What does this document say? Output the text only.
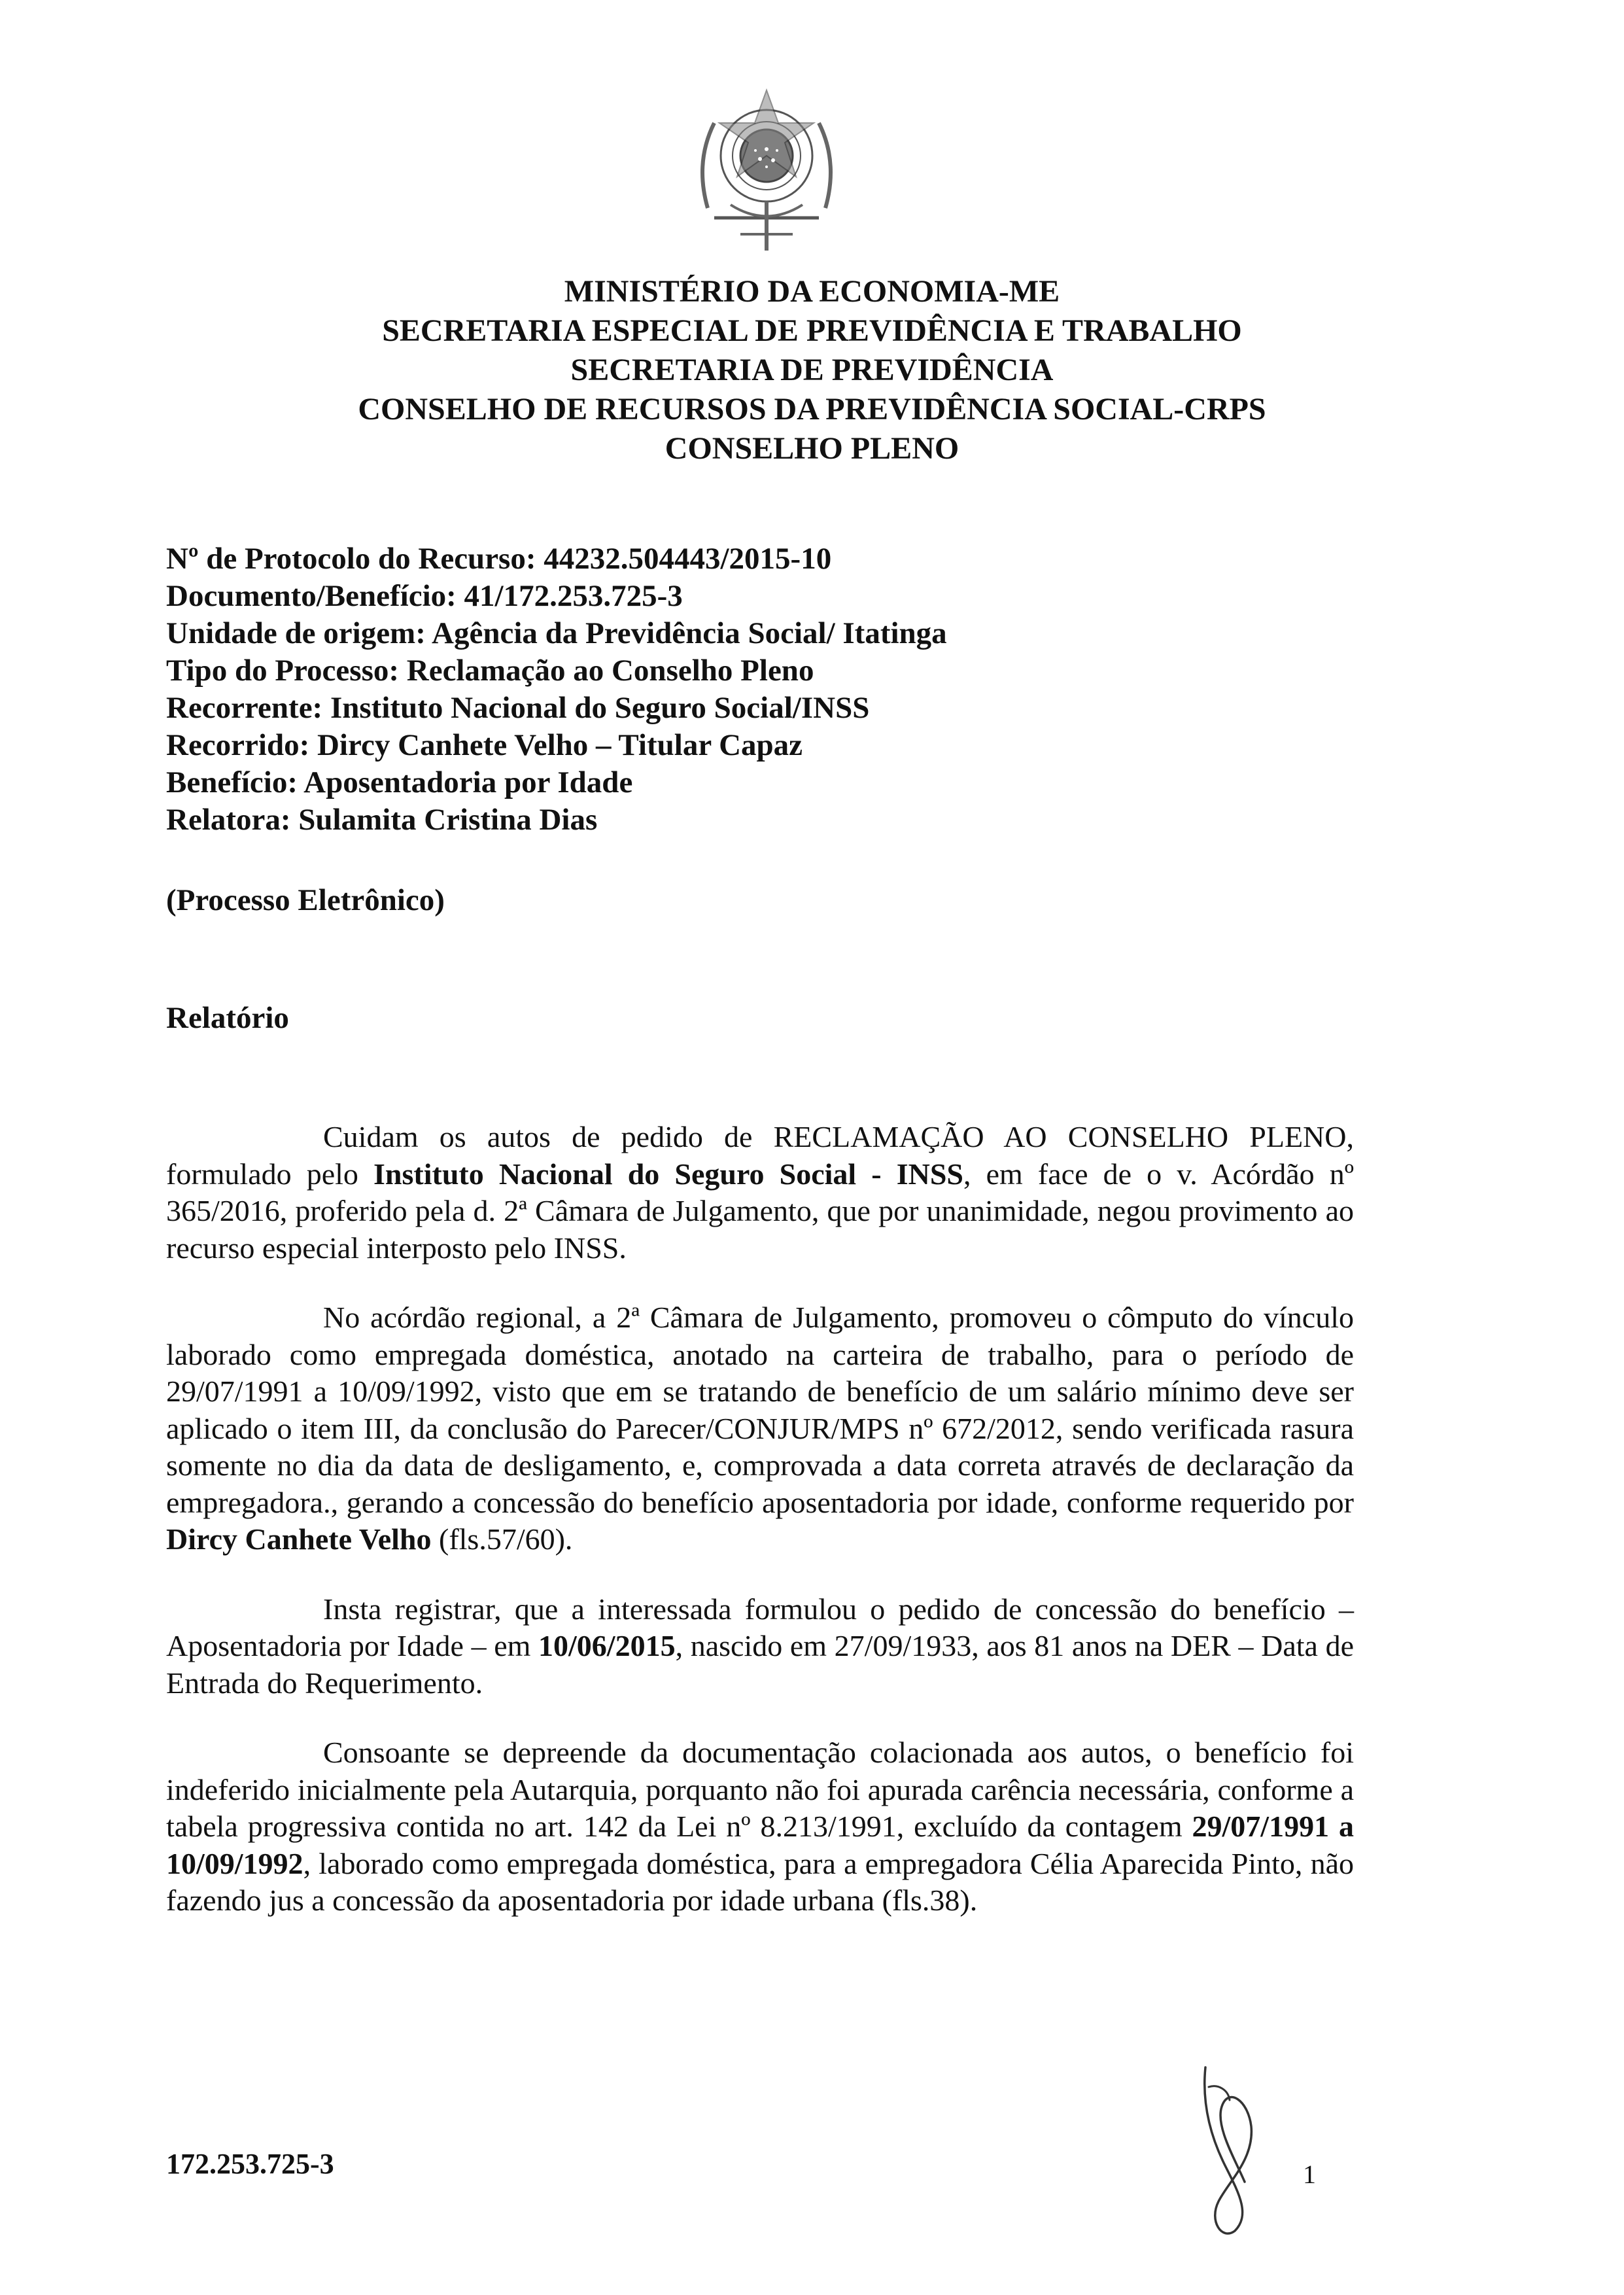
MINISTÉRIO DA ECONOMIA-ME
SECRETARIA ESPECIAL DE PREVIDÊNCIA E TRABALHO
SECRETARIA DE PREVIDÊNCIA
CONSELHO DE RECURSOS DA PREVIDÊNCIA SOCIAL-CRPS
CONSELHO PLENO
Nº de Protocolo do Recurso: 44232.504443/2015-10
Documento/Benefício: 41/172.253.725-3
Unidade de origem: Agência da Previdência Social/ Itatinga
Tipo do Processo: Reclamação ao Conselho Pleno
Recorrente: Instituto Nacional do Seguro Social/INSS
Recorrido: Dircy Canhete Velho – Titular Capaz
Benefício: Aposentadoria por Idade
Relatora: Sulamita Cristina Dias
(Processo Eletrônico)
Relatório

Cuidam os autos de pedido de RECLAMAÇÃO AO CONSELHO PLENO, formulado pelo Instituto Nacional do Seguro Social - INSS, em face de o v. Acórdão nº 365/2016, proferido pela d. 2ª Câmara de Julgamento, que por unanimidade, negou provimento ao recurso especial interposto pelo INSS.

No acórdão regional, a 2ª Câmara de Julgamento, promoveu o cômputo do vínculo laborado como empregada doméstica, anotado na carteira de trabalho, para o período de 29/07/1991 a 10/09/1992, visto que em se tratando de benefício de um salário mínimo deve ser aplicado o item III, da conclusão do Parecer/CONJUR/MPS nº 672/2012, sendo verificada rasura somente no dia da data de desligamento, e, comprovada a data correta através de declaração da empregadora., gerando a concessão do benefício aposentadoria por idade, conforme requerido por Dircy Canhete Velho (fls.57/60).

Insta registrar, que a interessada formulou o pedido de concessão do benefício – Aposentadoria por Idade – em 10/06/2015, nascido em 27/09/1933, aos 81 anos na DER – Data de Entrada do Requerimento.

Consoante se depreende da documentação colacionada aos autos, o benefício foi indeferido inicialmente pela Autarquia, porquanto não foi apurada carência necessária, conforme a tabela progressiva contida no art. 142 da Lei nº 8.213/1991, excluído da contagem 29/07/1991 a 10/09/1992, laborado como empregada doméstica, para a empregadora Célia Aparecida Pinto, não fazendo jus a concessão da aposentadoria por idade urbana (fls.38).

172.253.725-3	1
